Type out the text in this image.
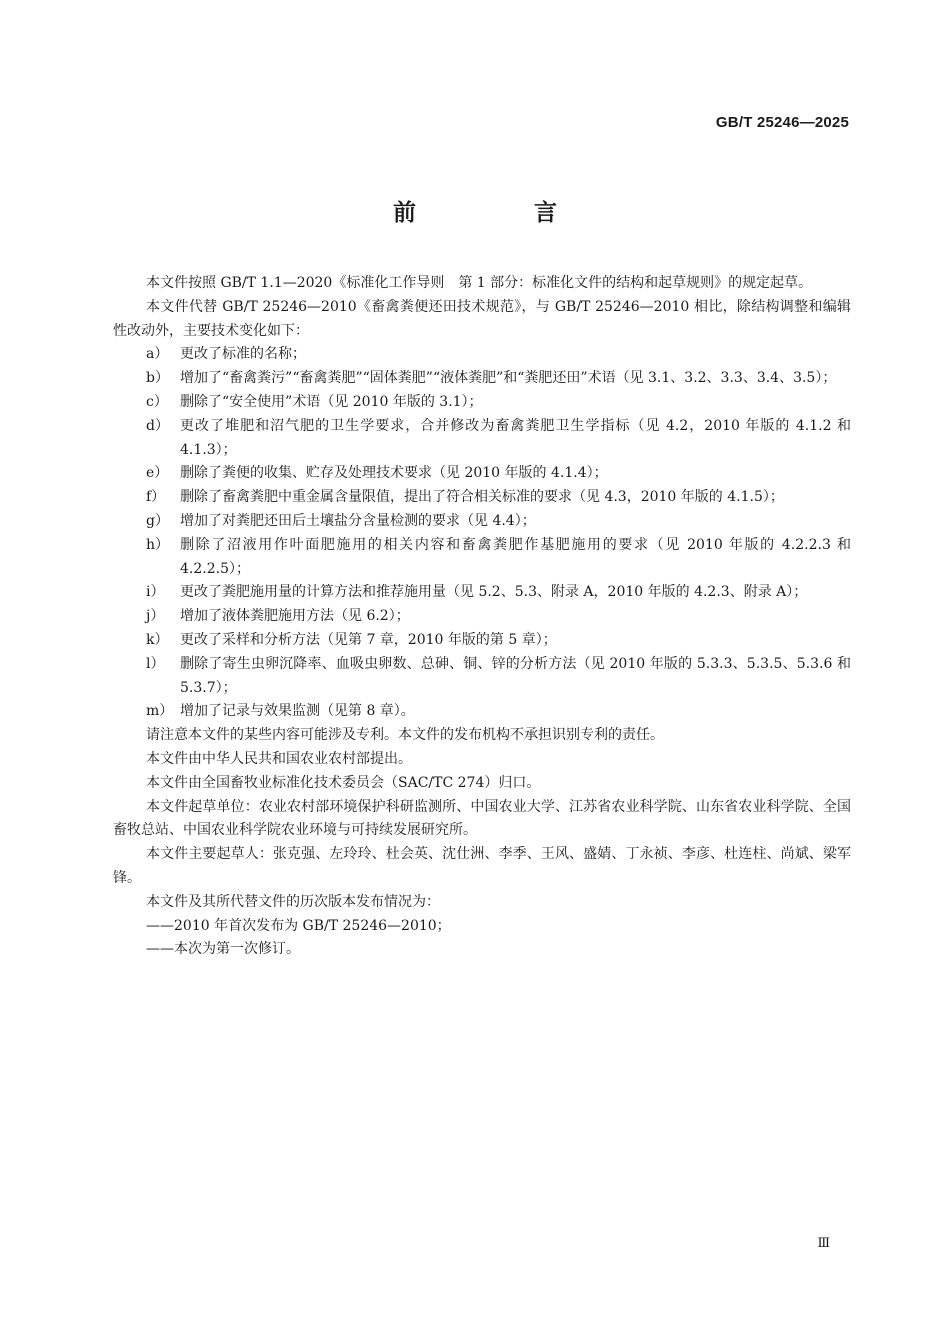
GB/T 25246—2025
前 言

本文件按照 GB/T 1.1—2020《标准化工作导则　第 1 部分：标准化文件的结构和起草规则》的规定起草。

本文件代替 GB/T 25246—2010《畜禽粪便还田技术规范》，与 GB/T 25246—2010 相比，除结构调整和编辑性改动外，主要技术变化如下：

a） 更改了标准的名称；
b） 增加了“畜禽粪污”“畜禽粪肥”“固体粪肥”“液体粪肥”和“粪肥还田”术语（见 3.1、3.2、3.3、3.4、3.5）；
c） 删除了“安全使用”术语（见 2010 年版的 3.1）；
d） 更改了堆肥和沼气肥的卫生学要求，合并修改为畜禽粪肥卫生学指标（见 4.2，2010 年版的 4.1.2 和 4.1.3）；
e） 删除了粪便的收集、贮存及处理技术要求（见 2010 年版的 4.1.4）；
f）	删除了畜禽粪肥中重金属含量限值，提出了符合相关标准的要求（见 4.3，2010 年版的 4.1.5）；
g） 增加了对粪肥还田后土壤盐分含量检测的要求（见 4.4）；
h） 删除了沼液用作叶面肥施用的相关内容和畜禽粪肥作基肥施用的要求（见 2010 年版的 4.2.2.3 和 4.2.2.5）；
i）	更改了粪肥施用量的计算方法和推荐施用量（见 5.2、5.3、附录 A，2010 年版的 4.2.3、附录 A）；
j）	增加了液体粪肥施用方法（见 6.2）；
k） 更改了采样和分析方法（见第 7 章，2010 年版的第 5 章）；
l）	删除了寄生虫卵沉降率、血吸虫卵数、总砷、铜、锌的分析方法（见 2010 年版的 5.3.3、5.3.5、5.3.6 和 5.3.7）；
m） 增加了记录与效果监测（见第 8 章）。

请注意本文件的某些内容可能涉及专利。本文件的发布机构不承担识别专利的责任。

本文件由中华人民共和国农业农村部提出。

本文件由全国畜牧业标准化技术委员会（SAC/TC 274）归口。

本文件起草单位：农业农村部环境保护科研监测所、中国农业大学、江苏省农业科学院、山东省农业科学院、全国畜牧总站、中国农业科学院农业环境与可持续发展研究所。

本文件主要起草人：张克强、左玲玲、杜会英、沈仕洲、李季、王风、盛婧、丁永祯、李彦、杜连柱、尚斌、梁军锋。

本文件及其所代替文件的历次版本发布情况为：

——2010 年首次发布为 GB/T 25246—2010；

——本次为第一次修订。

Ⅲ
